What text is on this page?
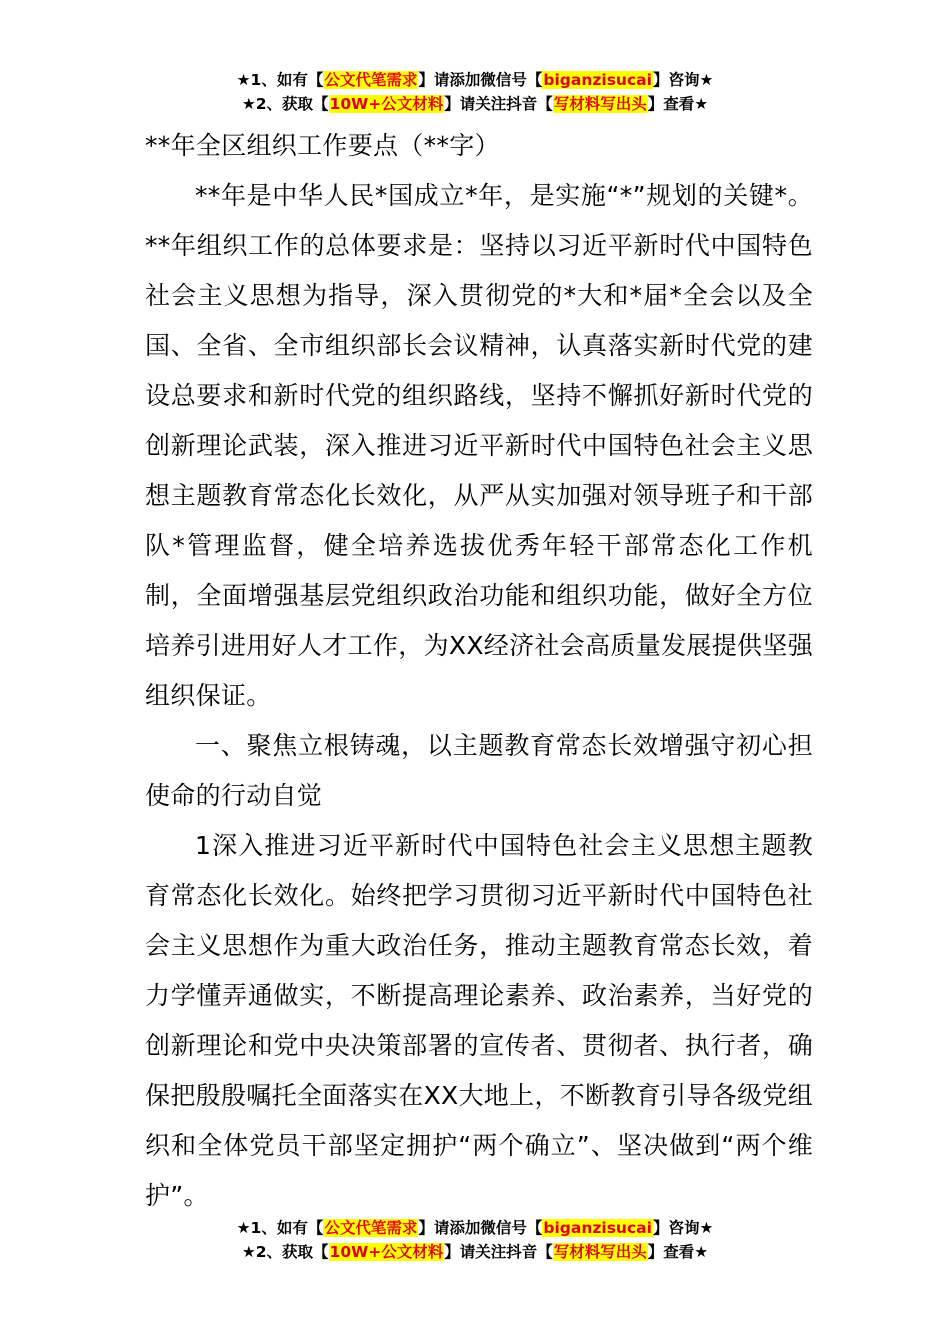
★1、如有【公文代笔需求】请添加微信号【biganzisucai】咨询★
★2、获取【10W+公文材料】请关注抖音【写材料写出头】查看★

**年全区组织工作要点（**字）

**年是中华人民*国成立*年，是实施“*”规划的关键*。**年组织工作的总体要求是：坚持以习近平新时代中国特色社会主义思想为指导，深入贯彻党的*大和*届*全会以及全国、全省、全市组织部长会议精神，认真落实新时代党的建设总要求和新时代党的组织路线，坚持不懈抓好新时代党的创新理论武装，深入推进习近平新时代中国特色社会主义思想主题教育常态化长效化，从严从实加强对领导班子和干部队*管理监督，健全培养选拔优秀年轻干部常态化工作机制，全面增强基层党组织政治功能和组织功能，做好全方位培养引进用好人才工作，为XX经济社会高质量发展提供坚强组织保证。

一、聚焦立根铸魂，以主题教育常态长效增强守初心担使命的行动自觉

1深入推进习近平新时代中国特色社会主义思想主题教育常态化长效化。始终把学习贯彻习近平新时代中国特色社会主义思想作为重大政治任务，推动主题教育常态长效，着力学懂弄通做实，不断提高理论素养、政治素养，当好党的创新理论和党中央决策部署的宣传者、贯彻者、执行者，确保把殷殷嘱托全面落实在XX大地上，不断教育引导各级党组织和全体党员干部坚定拥护“两个确立”、坚决做到“两个维护”。

★1、如有【公文代笔需求】请添加微信号【biganzisucai】咨询★
★2、获取【10W+公文材料】请关注抖音【写材料写出头】查看★
